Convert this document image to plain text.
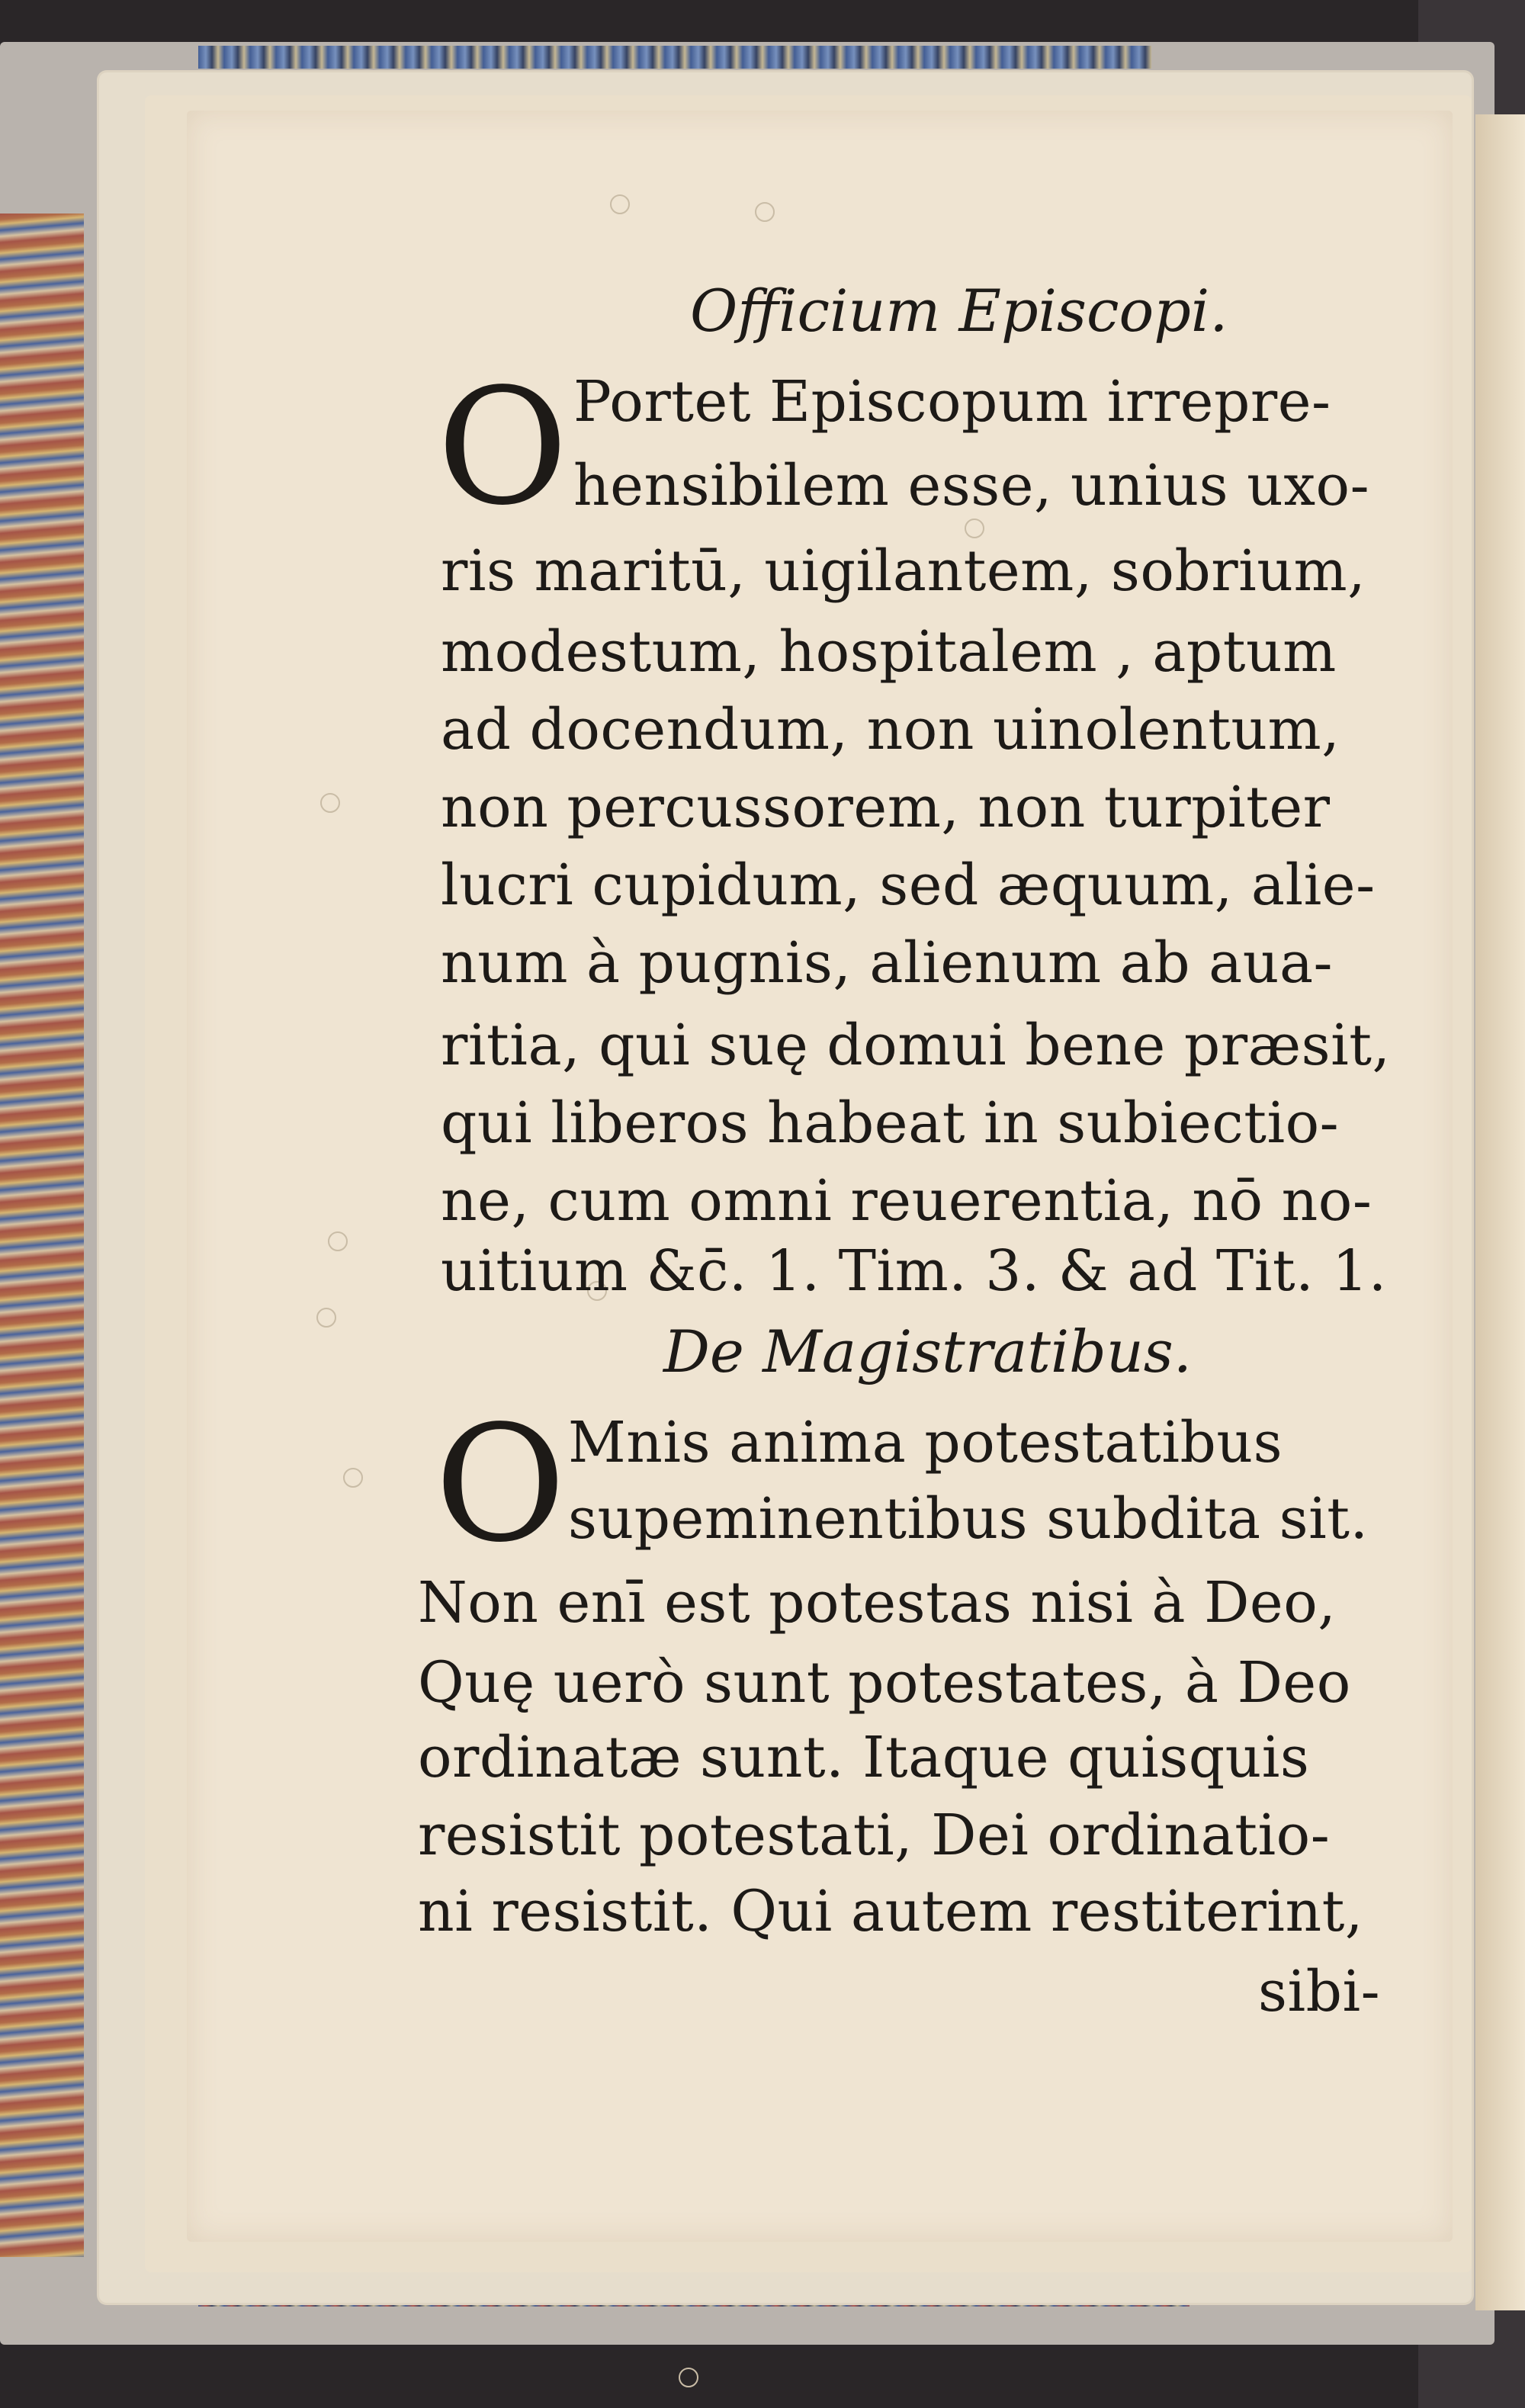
Officium Episcopi.
O Portet Episcopum irrepre-
hensibilem esse, unius uxo-
ris maritū, uigilantem, sobrium,
modestum, hospitalem , aptum
ad docendum, non uinolentum,
non percussorem, non turpiter
lucri cupidum, sed æquum, alie-
num à pugnis, alienum ab aua-
ritia, qui suę domui bene præsit,
qui liberos habeat in subiectio-
ne, cum omni reuerentia, nō no-
uitium &c̄. 1. Tim. 3. & ad Tit. 1.
De Magistratibus.
O Mnis anima potestatibus
supeminentibus subdita sit.
Non enī est potestas nisi à Deo,
Quę uerò sunt potestates, à Deo
ordinatæ sunt. Itaque quisquis
resistit potestati, Dei ordinatio-
ni resistit. Qui autem restiterint,
sibi-
